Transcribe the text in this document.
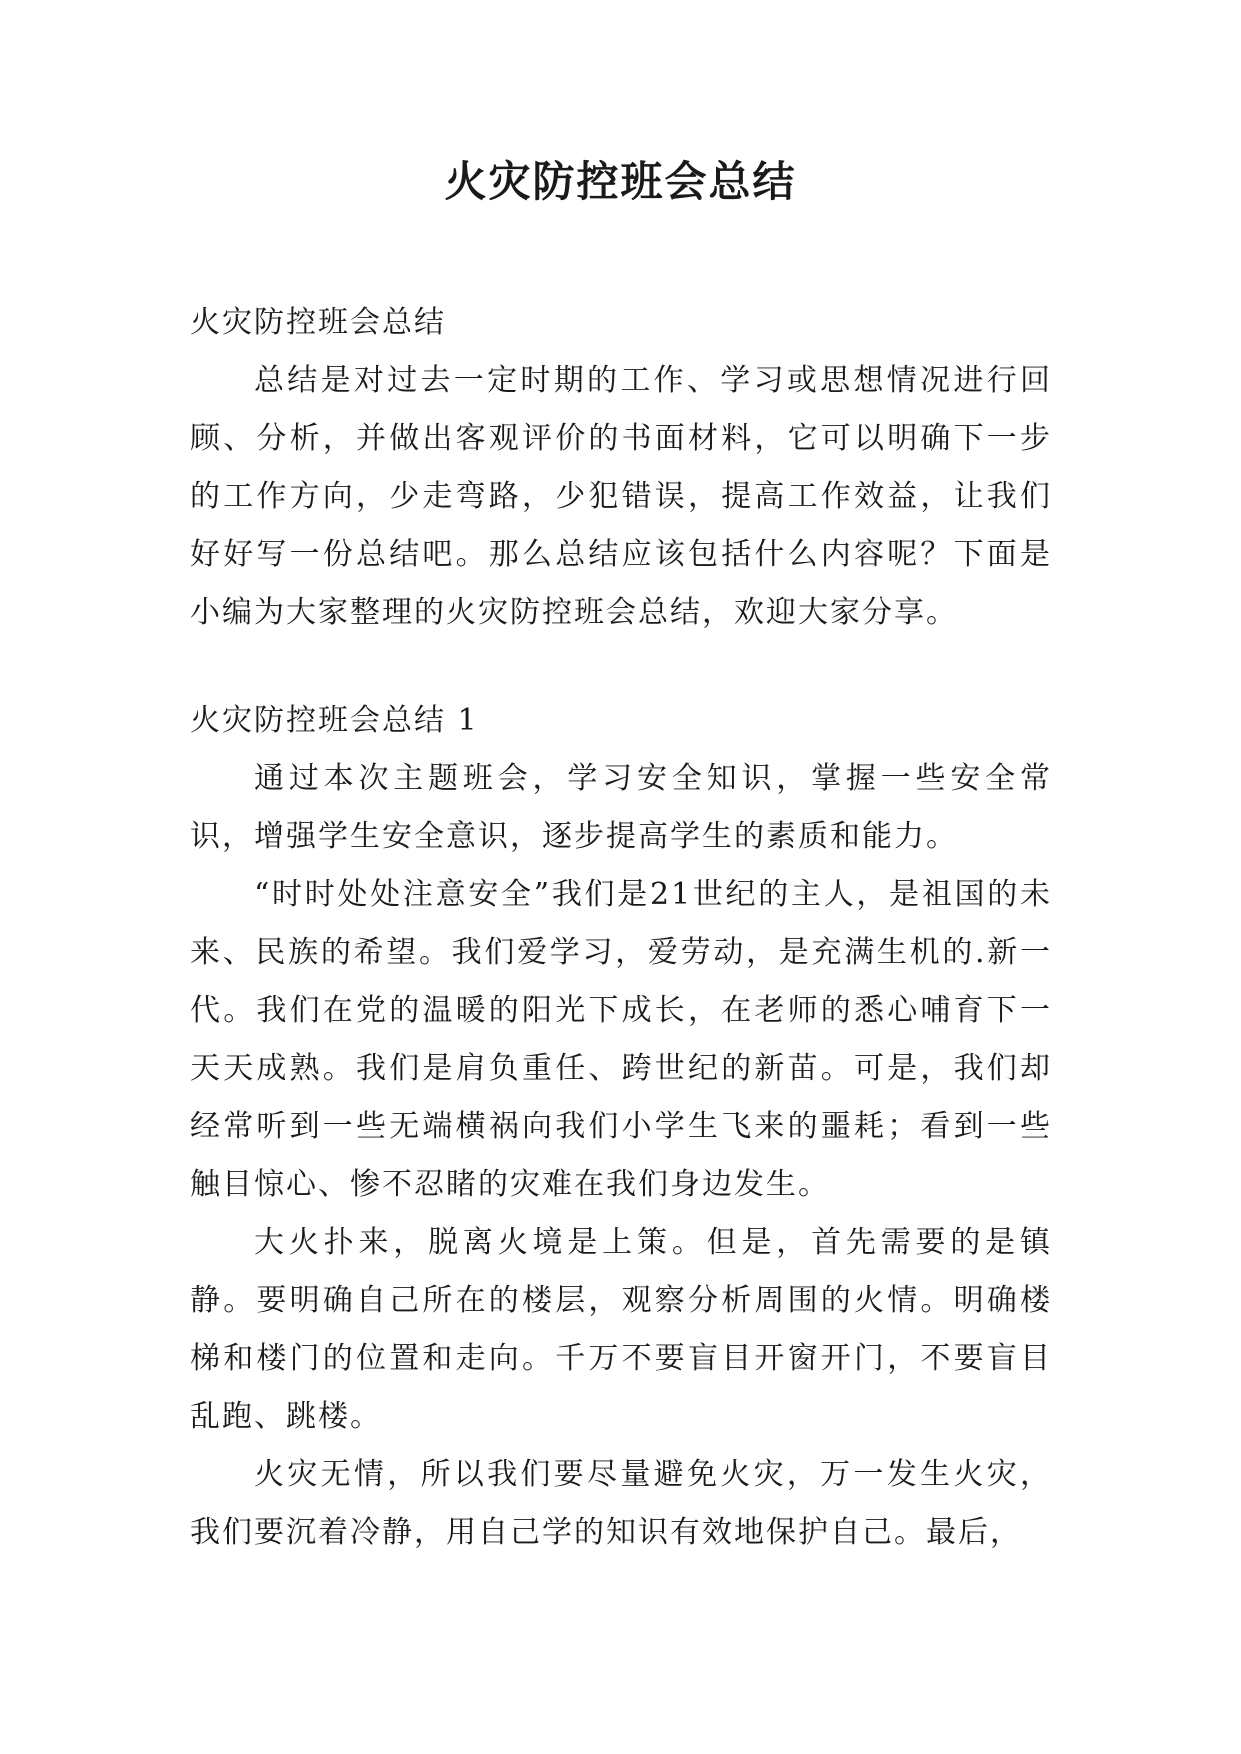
火灾防控班会总结

火灾防控班会总结

总结是对过去一定时期的工作、学习或思想情况进行回顾、分析，并做出客观评价的书面材料，它可以明确下一步的工作方向，少走弯路，少犯错误，提高工作效益，让我们好好写一份总结吧。那么总结应该包括什么内容呢？下面是小编为大家整理的火灾防控班会总结，欢迎大家分享。

火灾防控班会总结 1

通过本次主题班会，学习安全知识，掌握一些安全常识，增强学生安全意识，逐步提高学生的素质和能力。

“时时处处注意安全”我们是21世纪的主人，是祖国的未来、民族的希望。我们爱学习，爱劳动，是充满生机的.新一代。我们在党的温暖的阳光下成长，在老师的悉心哺育下一天天成熟。我们是肩负重任、跨世纪的新苗。可是，我们却经常听到一些无端横祸向我们小学生飞来的噩耗；看到一些触目惊心、惨不忍睹的灾难在我们身边发生。

大火扑来，脱离火境是上策。但是，首先需要的是镇静。要明确自己所在的楼层，观察分析周围的火情。明确楼梯和楼门的位置和走向。千万不要盲目开窗开门，不要盲目乱跑、跳楼。

火灾无情，所以我们要尽量避免火灾，万一发生火灾，我们要沉着冷静，用自己学的知识有效地保护自己。最后，
